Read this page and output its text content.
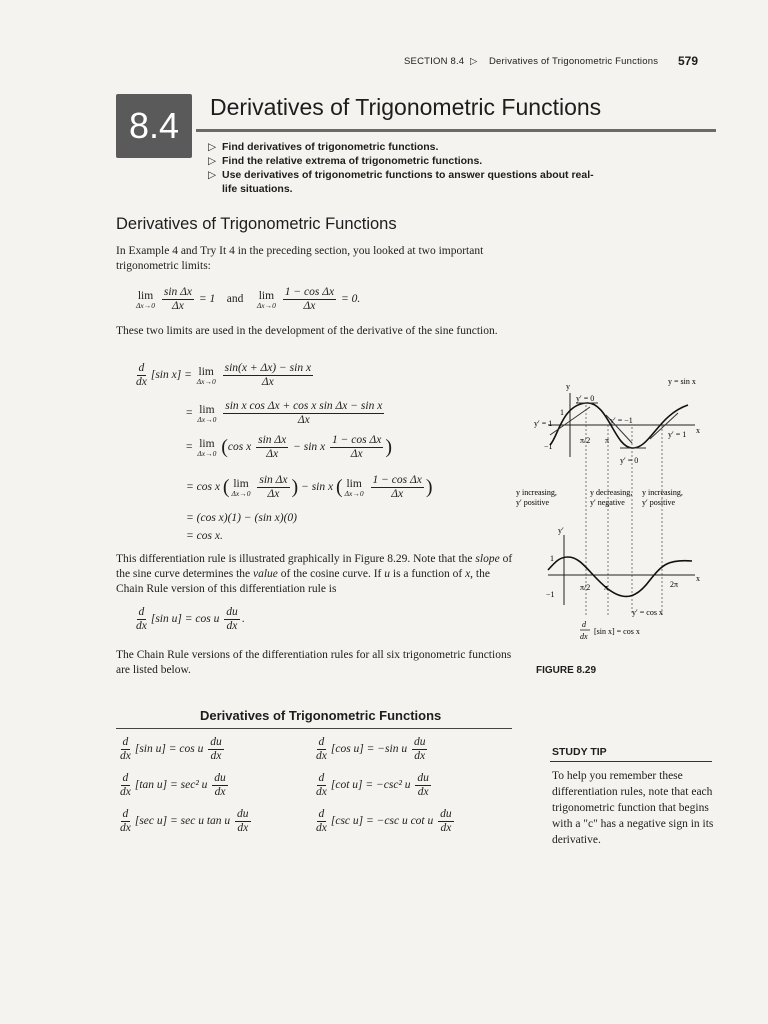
SECTION 8.4 ▷ Derivatives of Trigonometric Functions 579
8.4	Derivatives of Trigonometric Functions
▷ Find derivatives of trigonometric functions.
▷ Find the relative extrema of trigonometric functions.
▷ Use derivatives of trigonometric functions to answer questions about real-life situations.
Derivatives of Trigonometric Functions
In Example 4 and Try It 4 in the preceding section, you looked at two important trigonometric limits:
lim
Δx→0
$\frac{\text{sin Δx}}{\Delta x} = 1$ and lim
Δx→0
$\frac{\text{1 − cos Δx}}{\Delta x} = 0$.
These two limits are used in the development of the derivative of the sine function.
$\frac{d}{dx} [\sin$ x] = lim
Δx→0
$\frac{\text{sin(x + Δx) − sin x}}{\Delta x}$
= lim
Δx→0
$\frac{\text{sin x cos Δx + cos x sin Δx − sin x}}{\Delta x}$
= lim
Δx→0 (cos x $\frac{\text{sin Δx}}{\Delta x} - \sin x \frac{\text{1 − cos Δx}}{\Delta x}$ )
= cos x ( lim
Δx→0
$\frac{\text{sin Δx}}{\Delta x}$ ) − sin x ( lim
Δx→0
$\frac{\text{1 − cos Δx}}{\Delta x}$ )
= (cos x)(1) − (sin x)(0)
= cos x.
This differentiation rule is illustrated graphically in Figure 8.29. Note that the slope of the sine curve determines the value of the cosine curve. If u is a function of x, the Chain Rule version of this differentiation rule is
$\frac{d}{dx} [\sin$ u] = cos u $\frac{du}{dx}$ .
The Chain Rule versions of the differentiation rules for all six trigonometric functions are listed below.
Derivatives of Trigonometric Functions
$\frac{d}{dx} [\sin$ u] = cos u $\frac{du}{dx}$	$\frac{d}{dx} [\cos$ u] = −sin u $\frac{du}{dx}$
$\frac{d}{dx} [\tan$ u] = sec² u $\frac{du}{dx}$	$\frac{d}{dx} [\cot$ u] = −csc² u $\frac{du}{dx}$
$\frac{d}{dx} [\sec$ u] = sec u tan u $\frac{du}{dx}$	$\frac{d}{dx} [\csc$ u] = −csc u cot u $\frac{du}{dx}$
STUDY TIP
To help you remember these differentiation rules, note that each trigonometric function that begins with a "c" has a negative sign in its derivative.
y = sin x
y
x
y′ = 0
y′ = 1	y′ = −1
y′ = 1
y′ = 0
1
−1
π/2 π
y increasing,
y′ positive
y decreasing,
y′ negative
y increasing,
y′ positive
y′
x
1
−1
π/2 π	2π
y′ = cos x
d
dx
[sin x] = cos x
FIGURE 8.29
